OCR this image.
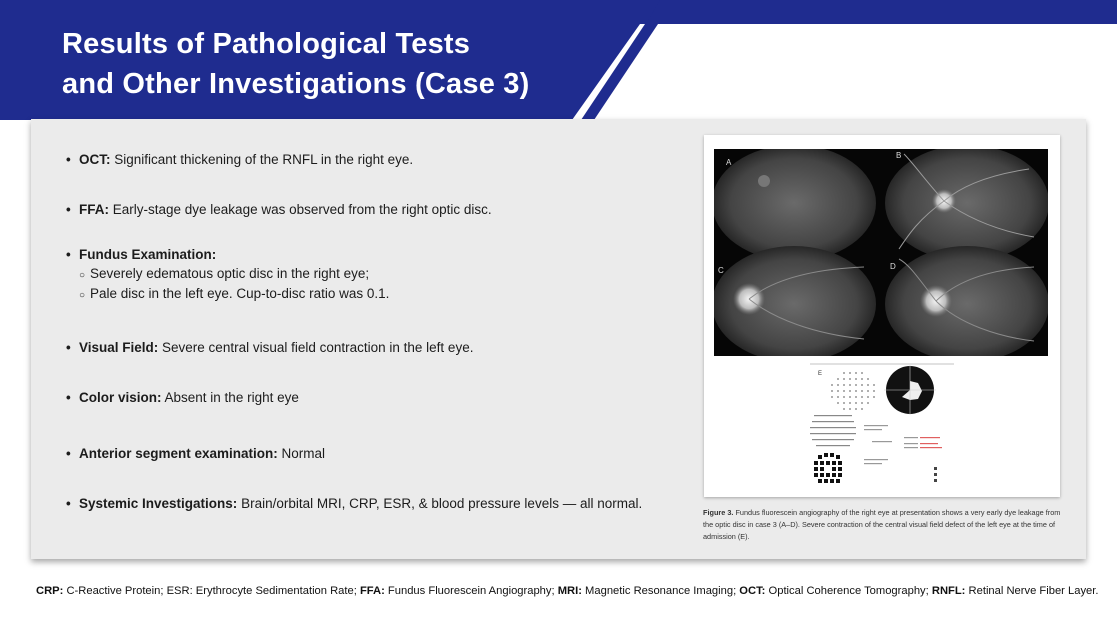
Results of Pathological Tests
and Other Investigations (Case 3)
• OCT: Significant thickening of the RNFL in the right eye.
• FFA: Early-stage dye leakage was observed from the right optic disc.
• Fundus Examination:
○ Severely edematous optic disc in the right eye;
○ Pale disc in the left eye. Cup-to-disc ratio was 0.1.
• Visual Field: Severe central visual field contraction in the left eye.
• Color vision: Absent in the right eye
• Anterior segment examination: Normal
• Systemic Investigations: Brain/orbital MRI, CRP, ESR, & blood pressure levels — all normal.
A
B
C	D
E
Figure 3. Fundus fluorescein angiography of the right eye at presentation shows a very early dye leakage from the optic disc in case 3 (A–D). Severe contraction of the central visual field defect of the left eye at the time of admission (E).
CRP: C-Reactive Protein; ESR: Erythrocyte Sedimentation Rate; FFA: Fundus Fluorescein Angiography; MRI: Magnetic Resonance Imaging; OCT: Optical Coherence Tomography; RNFL: Retinal Nerve Fiber Layer.
